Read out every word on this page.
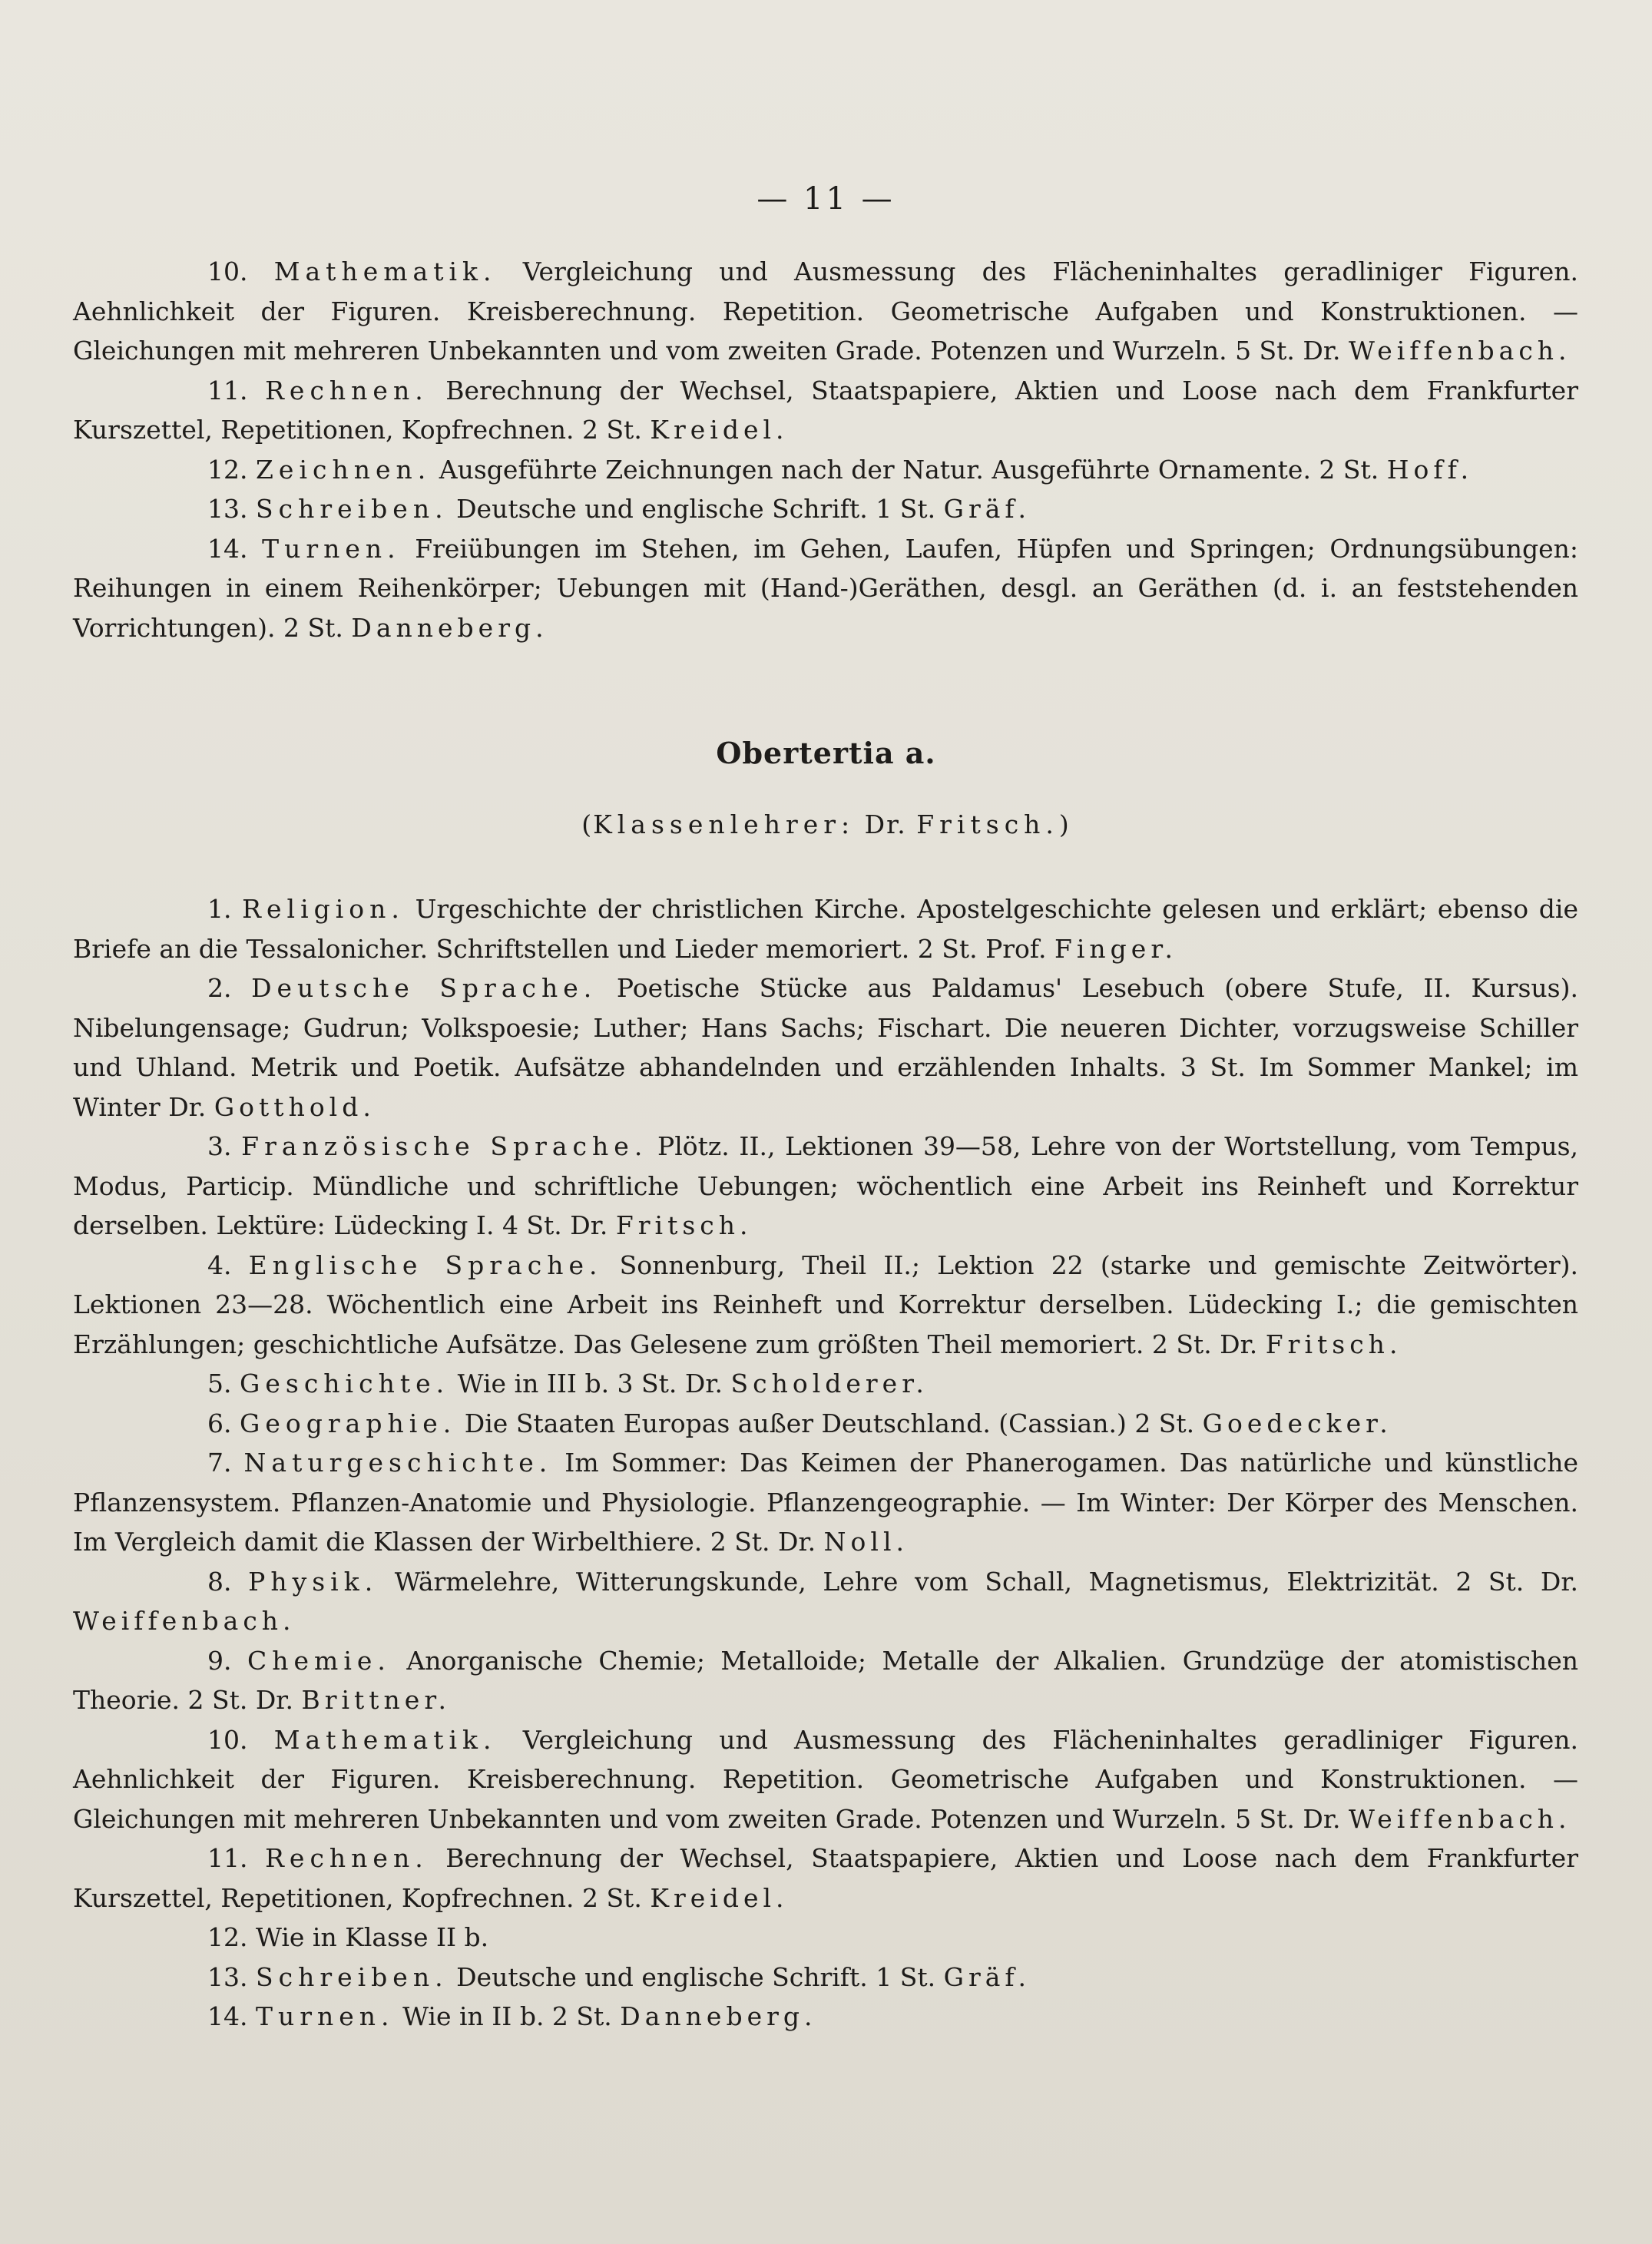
— 11 —

10. Mathematik. Vergleichung und Ausmessung des Flächeninhaltes geradliniger Figuren. Aehnlichkeit der Figuren. Kreisberechnung. Repetition. Geometrische Aufgaben und Konstruktionen. — Gleichungen mit mehreren Unbekannten und vom zweiten Grade. Potenzen und Wurzeln. 5 St. Dr. Weiffenbach.

11. Rechnen. Berechnung der Wechsel, Staatspapiere, Aktien und Loose nach dem Frankfurter Kurszettel, Repetitionen, Kopfrechnen. 2 St. Kreidel.

12. Zeichnen. Ausgeführte Zeichnungen nach der Natur. Ausgeführte Ornamente. 2 St. Hoff.

13. Schreiben. Deutsche und englische Schrift. 1 St. Gräf.

14. Turnen. Freiübungen im Stehen, im Gehen, Laufen, Hüpfen und Springen; Ordnungsübungen: Reihungen in einem Reihenkörper; Uebungen mit (Hand-)Geräthen, desgl. an Geräthen (d. i. an feststehenden Vorrichtungen). 2 St. Danneberg.

Obertertia a.
(Klassenlehrer: Dr. Fritsch.)

1. Religion. Urgeschichte der christlichen Kirche. Apostelgeschichte gelesen und erklärt; ebenso die Briefe an die Tessalonicher. Schriftstellen und Lieder memoriert. 2 St. Prof. Finger.

2. Deutsche Sprache. Poetische Stücke aus Paldamus' Lesebuch (obere Stufe, II. Kursus). Nibelungensage; Gudrun; Volkspoesie; Luther; Hans Sachs; Fischart. Die neueren Dichter, vorzugsweise Schiller und Uhland. Metrik und Poetik. Aufsätze abhandelnden und erzählenden Inhalts. 3 St. Im Sommer Mankel; im Winter Dr. Gotthold.

3. Französische Sprache. Plötz. II., Lektionen 39—58, Lehre von der Wortstellung, vom Tempus, Modus, Particip. Mündliche und schriftliche Uebungen; wöchentlich eine Arbeit ins Reinheft und Korrektur derselben. Lektüre: Lüdecking I. 4 St. Dr. Fritsch.

4. Englische Sprache. Sonnenburg, Theil II.; Lektion 22 (starke und gemischte Zeitwörter). Lektionen 23—28. Wöchentlich eine Arbeit ins Reinheft und Korrektur derselben. Lüdecking I.; die gemischten Erzählungen; geschichtliche Aufsätze. Das Gelesene zum größten Theil memoriert. 2 St. Dr. Fritsch.

5. Geschichte. Wie in III b. 3 St. Dr. Scholderer.

6. Geographie. Die Staaten Europas außer Deutschland. (Cassian.) 2 St. Goedecker.

7. Naturgeschichte. Im Sommer: Das Keimen der Phanerogamen. Das natürliche und künstliche Pflanzensystem. Pflanzen-Anatomie und Physiologie. Pflanzengeographie. — Im Winter: Der Körper des Menschen. Im Vergleich damit die Klassen der Wirbelthiere. 2 St. Dr. Noll.

8. Physik. Wärmelehre, Witterungskunde, Lehre vom Schall, Magnetismus, Elektrizität. 2 St. Dr. Weiffenbach.

9. Chemie. Anorganische Chemie; Metalloide; Metalle der Alkalien. Grundzüge der atomistischen Theorie. 2 St. Dr. Brittner.

10. Mathematik. Vergleichung und Ausmessung des Flächeninhaltes geradliniger Figuren. Aehnlichkeit der Figuren. Kreisberechnung. Repetition. Geometrische Aufgaben und Konstruktionen. — Gleichungen mit mehreren Unbekannten und vom zweiten Grade. Potenzen und Wurzeln. 5 St. Dr. Weiffenbach.

11. Rechnen. Berechnung der Wechsel, Staatspapiere, Aktien und Loose nach dem Frankfurter Kurszettel, Repetitionen, Kopfrechnen. 2 St. Kreidel.

12. Wie in Klasse II b.

13. Schreiben. Deutsche und englische Schrift. 1 St. Gräf.

14. Turnen. Wie in II b. 2 St. Danneberg.
